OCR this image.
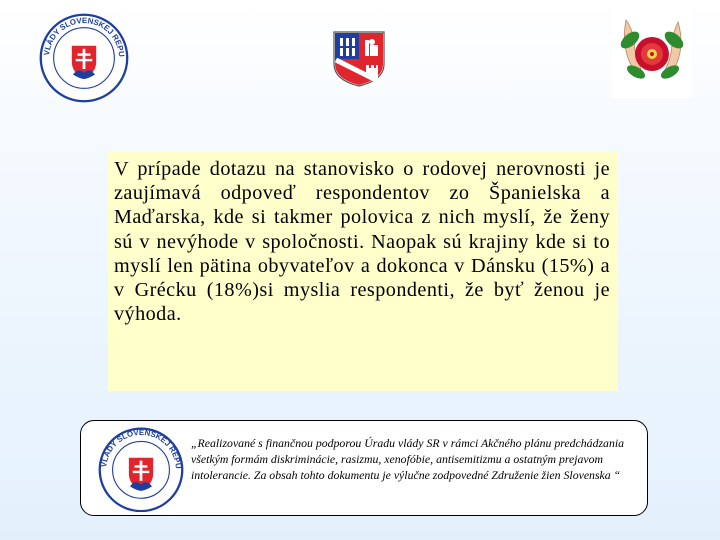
VLÁDY SLOVENSKEJ REPU

V prípade dotazu na stanovisko o rodovej nerovnosti je zaujímavá odpoveď respondentov zo Španielska a Maďarska, kde si takmer polovica z nich myslí, že ženy sú v nevýhode v spoločnosti. Naopak sú krajiny kde si to myslí len pätina obyvateľov a dokonca v Dánsku (15%) a v Grécku (18%)si myslia respondenti, že byť ženou je výhoda.

VLÁDY SLOVENSKEJ REPU

„Realizované s finančnou podporou Úradu vlády SR v rámci Akčného plánu predchádzania všetkým formám diskriminácie, rasizmu, xenofóbie, antisemitizmu a ostatným prejavom intolerancie. Za obsah tohto dokumentu je výlučne zodpovedné Združenie žien Slovenska “
